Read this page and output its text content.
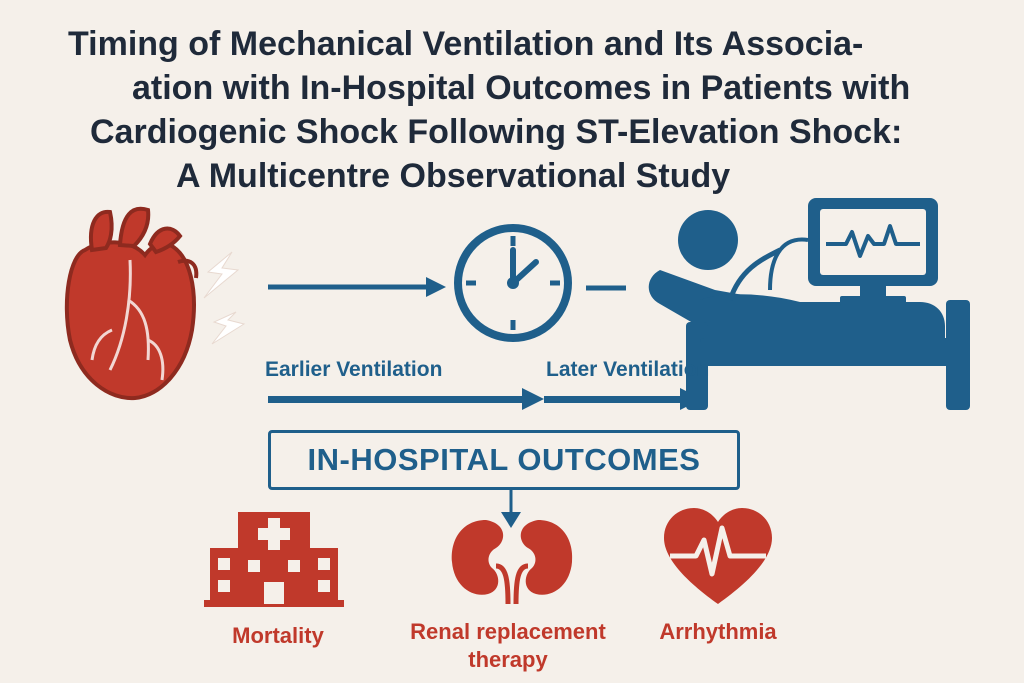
Timing of Mechanical Ventilation and Its Associa-
ation with In-Hospital Outcomes in Patients with
Cardiogenic Shock Following ST-Elevation Shock:
A Multicentre Observational Study
Earlier Ventilation	Later Ventilation
IN-HOSPITAL OUTCOMES
Mortality	Renal replacement
therapy
Arrhythmia
